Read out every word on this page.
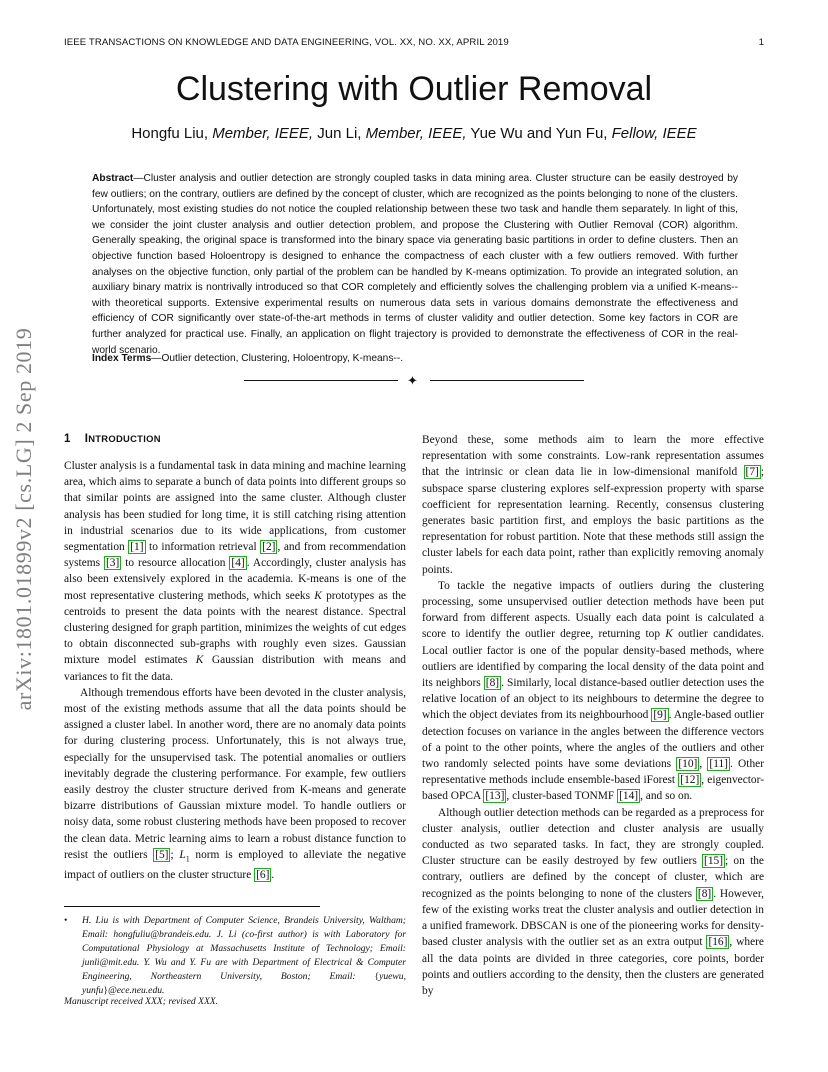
IEEE TRANSACTIONS ON KNOWLEDGE AND DATA ENGINEERING, VOL. XX, NO. XX, APRIL 2019	1
Clustering with Outlier Removal
Hongfu Liu, Member, IEEE, Jun Li, Member, IEEE, Yue Wu and Yun Fu, Fellow, IEEE

Abstract—Cluster analysis and outlier detection are strongly coupled tasks in data mining area. Cluster structure can be easily destroyed by few outliers; on the contrary, outliers are defined by the concept of cluster, which are recognized as the points belonging to none of the clusters. Unfortunately, most existing studies do not notice the coupled relationship between these two task and handle them separately. In light of this, we consider the joint cluster analysis and outlier detection problem, and propose the Clustering with Outlier Removal (COR) algorithm. Generally speaking, the original space is transformed into the binary space via generating basic partitions in order to define clusters. Then an objective function based Holoentropy is designed to enhance the compactness of each cluster with a few outliers removed. With further analyses on the objective function, only partial of the problem can be handled by K-means optimization. To provide an integrated solution, an auxiliary binary matrix is nontrivally introduced so that COR completely and efficiently solves the challenging problem via a unified K-means-- with theoretical supports. Extensive experimental results on numerous data sets in various domains demonstrate the effectiveness and efficiency of COR significantly over state-of-the-art methods in terms of cluster validity and outlier detection. Some key factors in COR are further analyzed for practical use. Finally, an application on flight trajectory is provided to demonstrate the effectiveness of COR in the real-world scenario.

Index Terms—Outlier detection, Clustering, Holoentropy, K-means--.

✦
arXiv:1801.01899v2 [cs.LG] 2 Sep 2019 1 INTRODUCTION

Cluster analysis is a fundamental task in data mining and machine learning area, which aims to separate a bunch of data points into different groups so that similar points are assigned into the same cluster. Although cluster analysis has been studied for long time, it is still catching rising attention in industrial scenarios due to its wide applications, from customer segmentation [1] to information retrieval [2] , and from recommendation systems [3] to resource allocation [4] . Accordingly, cluster analysis has also been extensively explored in the academia. K-means is one of the most representative clustering methods, which seeks K prototypes as the centroids to present the data points with the nearest distance. Spectral clustering designed for graph partition, minimizes the weights of cut edges to obtain disconnected sub-graphs with roughly even sizes. Gaussian mixture model estimates K Gaussian distribution with means and variances to fit the data.

Although tremendous efforts have been devoted in the cluster analysis, most of the existing methods assume that all the data points should be assigned a cluster label. In another word, there are no anomaly data points for during clustering process. Unfortunately, this is not always true, especially for the unsupervised task. The potential anomalies or outliers inevitably degrade the clustering performance. For example, few outliers easily destroy the cluster structure derived from K-means and generate bizarre distributions of Gaussian mixture model. To handle outliers or noisy data, some robust clustering methods have been proposed to recover the clean data. Metric learning aims to learn a robust distance function to resist the outliers [5] ; $L_1$ norm is employed to alleviate the negative impact of outliers on the cluster structure [6] .

•	H. Liu is with Department of Computer Science, Brandeis University, Waltham; Email: hongfuliu@brandeis.edu. J. Li (co-first author) is with Laboratory for Computational Physiology at Massachusetts Institute of Technology; Email: junli@mit.edu. Y. Wu and Y. Fu are with Department of Electrical & Computer Engineering, Northeastern University, Boston; Email: {yuewu, yunfu}@ece.neu.edu.
Manuscript received XXX; revised XXX.

Beyond these, some methods aim to learn the more effective representation with some constraints. Low-rank representation assumes that the intrinsic or clean data lie in low-dimensional manifold [7] ; subspace sparse clustering explores self-expression property with sparse coefficient for representation learning. Recently, consensus clustering generates basic partition first, and employs the basic partitions as the representation for robust partition. Note that these methods still assign the cluster labels for each data point, rather than explicitly removing anomaly points.

To tackle the negative impacts of outliers during the clustering processing, some unsupervised outlier detection methods have been put forward from different aspects. Usually each data point is calculated a score to identify the outlier degree, returning top K outlier candidates. Local outlier factor is one of the popular density-based methods, where outliers are identified by comparing the local density of the data point and its neighbors [8] . Similarly, local distance-based outlier detection uses the relative location of an object to its neighbours to determine the degree to which the object deviates from its neighbourhood [9] . Angle-based outlier detection focuses on variance in the angles between the difference vectors of a point to the other points, where the angles of the outliers and other two randomly selected points have some deviations [10] , [11] . Other representative methods include ensemble-based iForest [12] , eigenvector-based OPCA [13] , cluster-based TONMF [14] , and so on.

Although outlier detection methods can be regarded as a preprocess for cluster analysis, outlier detection and cluster analysis are usually conducted as two separated tasks. In fact, they are strongly coupled. Cluster structure can be easily destroyed by few outliers [15] ; on the contrary, outliers are defined by the concept of cluster, which are recognized as the points belonging to none of the clusters [8] . However, few of the existing works treat the cluster analysis and outlier detection in a unified framework. DBSCAN is one of the pioneering works for density-based cluster analysis with the outlier set as an extra output [16] , where all the data points are divided in three categories, core points, border points and outliers according to the density, then the clusters are generated by
